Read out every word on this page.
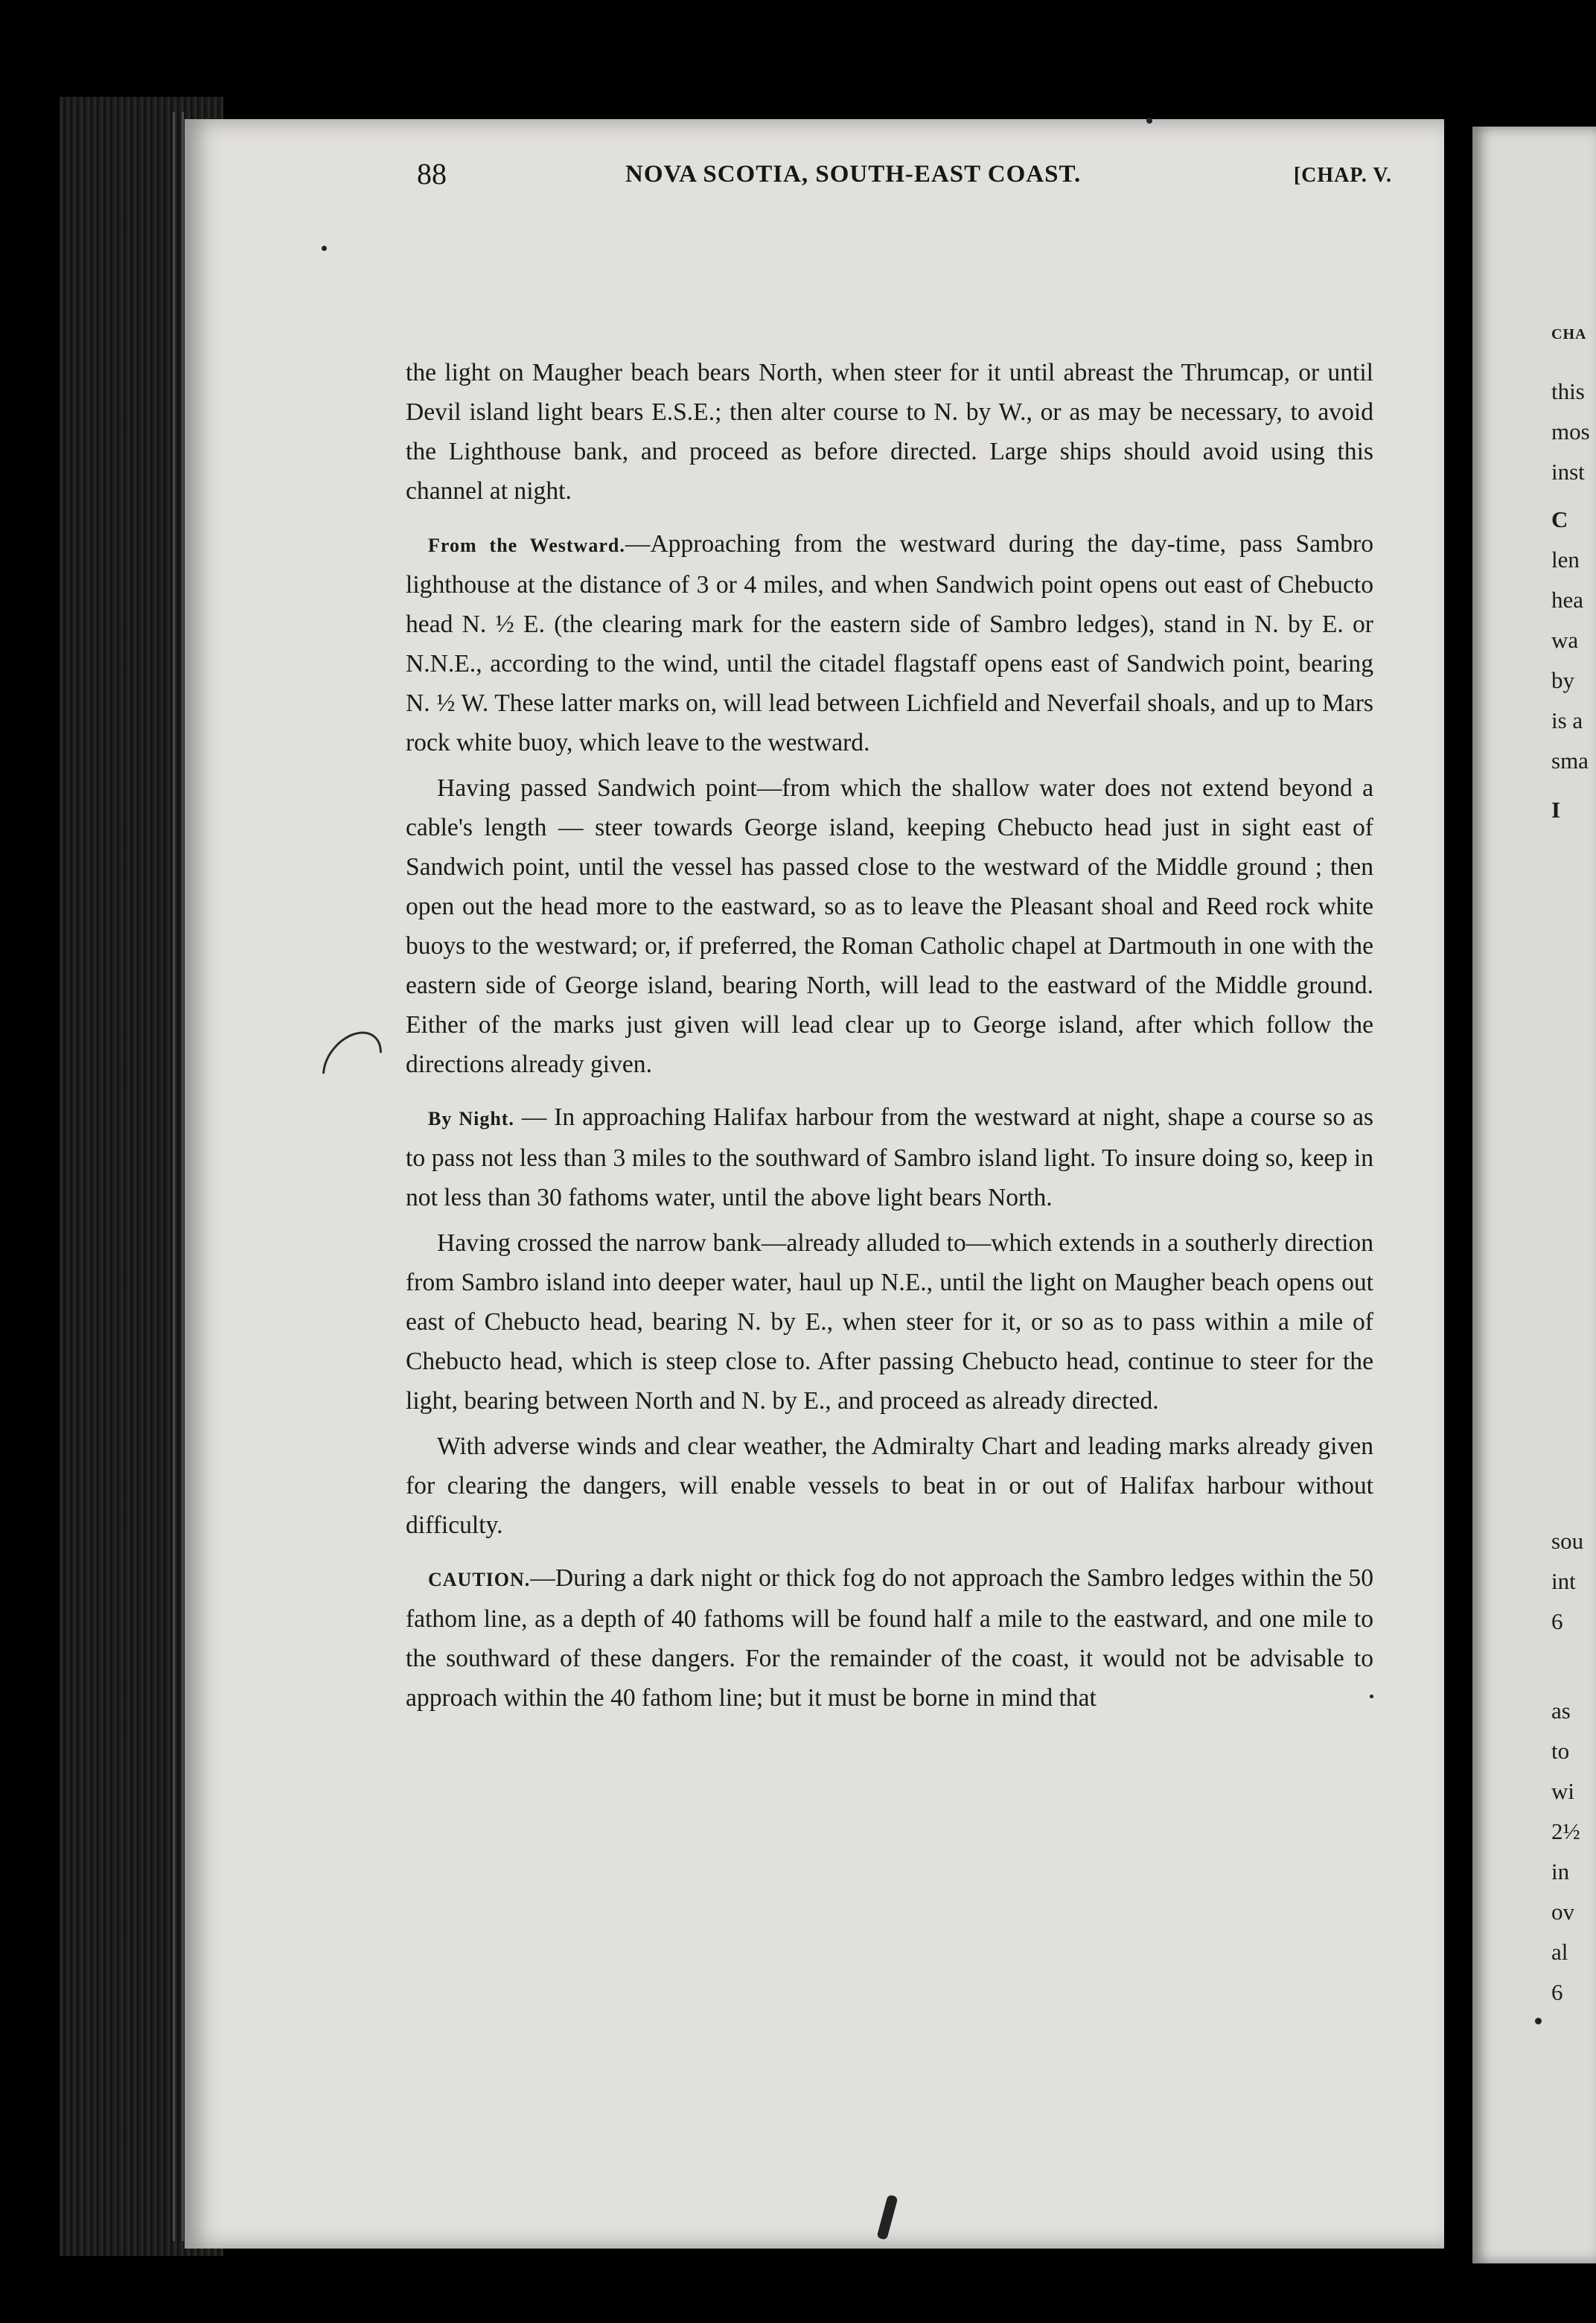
CHA
this
mos
inst
C
len
hea
wa
by
is a
sma
I
sou
int
6
as
to
wi
2½
in
ov
al
6
88	NOVA SCOTIA, SOUTH-EAST COAST.	[CHAP. V.

the light on Maugher beach bears North, when steer for it until abreast the Thrumcap, or until Devil island light bears E.S.E.; then alter course to N. by W., or as may be necessary, to avoid the Lighthouse bank, and proceed as before directed. Large ships should avoid using this channel at night.

From the Westward.—Approaching from the westward during the day-time, pass Sambro lighthouse at the distance of 3 or 4 miles, and when Sandwich point opens out east of Chebucto head N. ½ E. (the clearing mark for the eastern side of Sambro ledges), stand in N. by E. or N.N.E., according to the wind, until the citadel flagstaff opens east of Sandwich point, bearing N. ½ W. These latter marks on, will lead between Lichfield and Neverfail shoals, and up to Mars rock white buoy, which leave to the westward.

Having passed Sandwich point—from which the shallow water does not extend beyond a cable's length — steer towards George island, keeping Chebucto head just in sight east of Sandwich point, until the vessel has passed close to the westward of the Middle ground ; then open out the head more to the eastward, so as to leave the Pleasant shoal and Reed rock white buoys to the westward; or, if preferred, the Roman Catholic chapel at Dartmouth in one with the eastern side of George island, bearing North, will lead to the eastward of the Middle ground. Either of the marks just given will lead clear up to George island, after which follow the directions already given.

By Night. — In approaching Halifax harbour from the westward at night, shape a course so as to pass not less than 3 miles to the southward of Sambro island light. To insure doing so, keep in not less than 30 fathoms water, until the above light bears North.

Having crossed the narrow bank—already alluded to—which extends in a southerly direction from Sambro island into deeper water, haul up N.E., until the light on Maugher beach opens out east of Chebucto head, bearing N. by E., when steer for it, or so as to pass within a mile of Chebucto head, which is steep close to. After passing Chebucto head, continue to steer for the light, bearing between North and N. by E., and proceed as already directed.

With adverse winds and clear weather, the Admiralty Chart and leading marks already given for clearing the dangers, will enable vessels to beat in or out of Halifax harbour without difficulty.

CAUTION.—During a dark night or thick fog do not approach the Sambro ledges within the 50 fathom line, as a depth of 40 fathoms will be found half a mile to the eastward, and one mile to the southward of these dangers. For the remainder of the coast, it would not be advisable to approach within the 40 fathom line; but it must be borne in mind that
